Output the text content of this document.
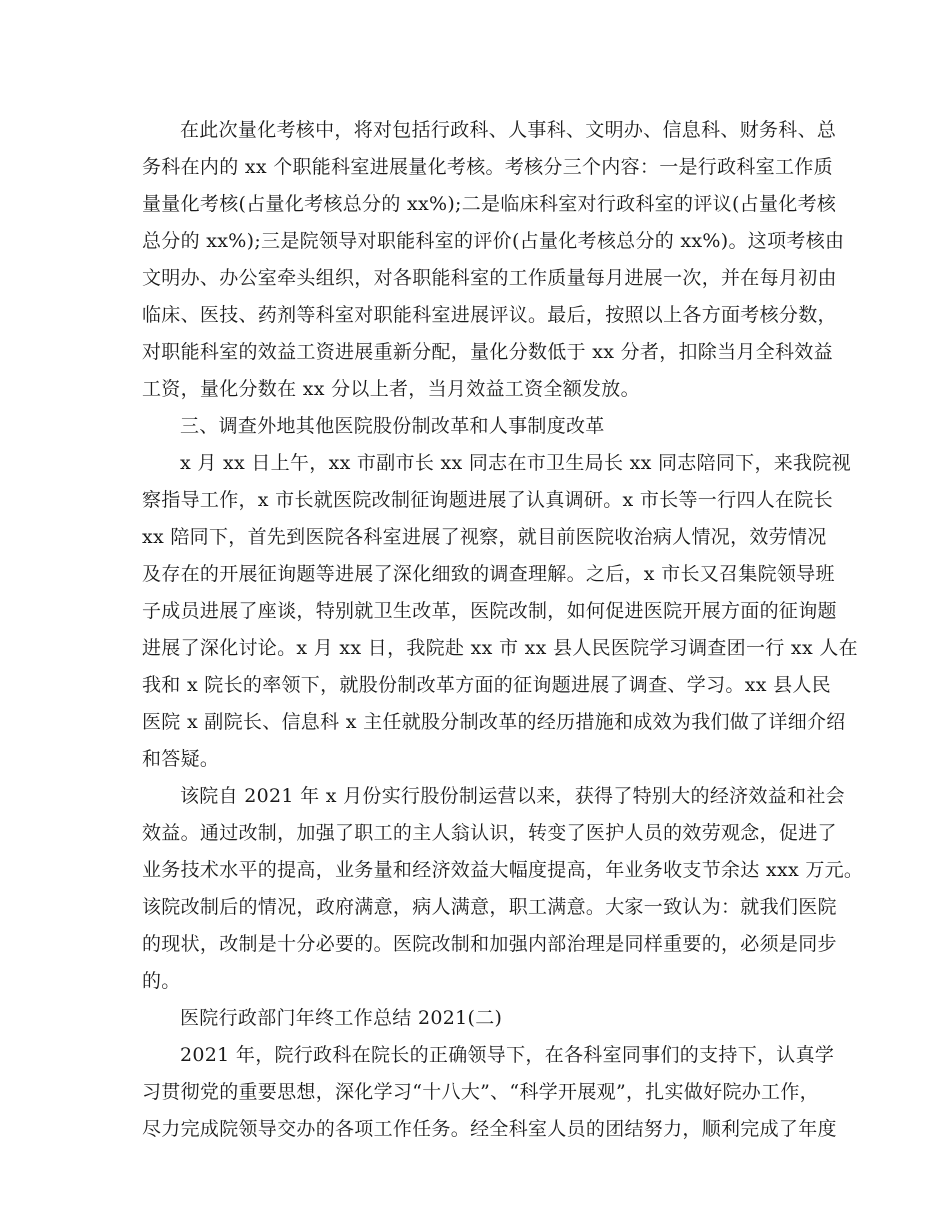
在此次量化考核中，将对包括行政科、人事科、文明办、信息科、财务科、总
务科在内的 xx 个职能科室进展量化考核。考核分三个内容：一是行政科室工作质
量量化考核(占量化考核总分的 xx%);二是临床科室对行政科室的评议(占量化考核
总分的 xx%);三是院领导对职能科室的评价(占量化考核总分的 xx%)。这项考核由
文明办、办公室牵头组织，对各职能科室的工作质量每月进展一次，并在每月初由
临床、医技、药剂等科室对职能科室进展评议。最后，按照以上各方面考核分数，
对职能科室的效益工资进展重新分配，量化分数低于 xx 分者，扣除当月全科效益
工资，量化分数在 xx 分以上者，当月效益工资全额发放。
三、调查外地其他医院股份制改革和人事制度改革
x 月 xx 日上午，xx 市副市长 xx 同志在市卫生局长 xx 同志陪同下，来我院视
察指导工作，x 市长就医院改制征询题进展了认真调研。x 市长等一行四人在院长
xx 陪同下，首先到医院各科室进展了视察，就目前医院收治病人情况，效劳情况
及存在的开展征询题等进展了深化细致的调查理解。之后，x 市长又召集院领导班
子成员进展了座谈，特别就卫生改革，医院改制，如何促进医院开展方面的征询题
进展了深化讨论。x 月 xx 日，我院赴 xx 市 xx 县人民医院学习调查团一行 xx 人在
我和 x 院长的率领下，就股份制改革方面的征询题进展了调查、学习。xx 县人民
医院 x 副院长、信息科 x 主任就股分制改革的经历措施和成效为我们做了详细介绍
和答疑。
该院自 2021 年 x 月份实行股份制运营以来，获得了特别大的经济效益和社会
效益。通过改制，加强了职工的主人翁认识，转变了医护人员的效劳观念，促进了
业务技术水平的提高，业务量和经济效益大幅度提高，年业务收支节余达 xxx 万元。
该院改制后的情况，政府满意，病人满意，职工满意。大家一致认为：就我们医院
的现状，改制是十分必要的。医院改制和加强内部治理是同样重要的，必须是同步
的。
医院行政部门年终工作总结 2021(二)
2021 年，院行政科在院长的正确领导下，在各科室同事们的支持下，认真学
习贯彻党的重要思想，深化学习“十八大”、“科学开展观”，扎实做好院办工作，
尽力完成院领导交办的各项工作任务。经全科室人员的团结努力，顺利完成了年度
